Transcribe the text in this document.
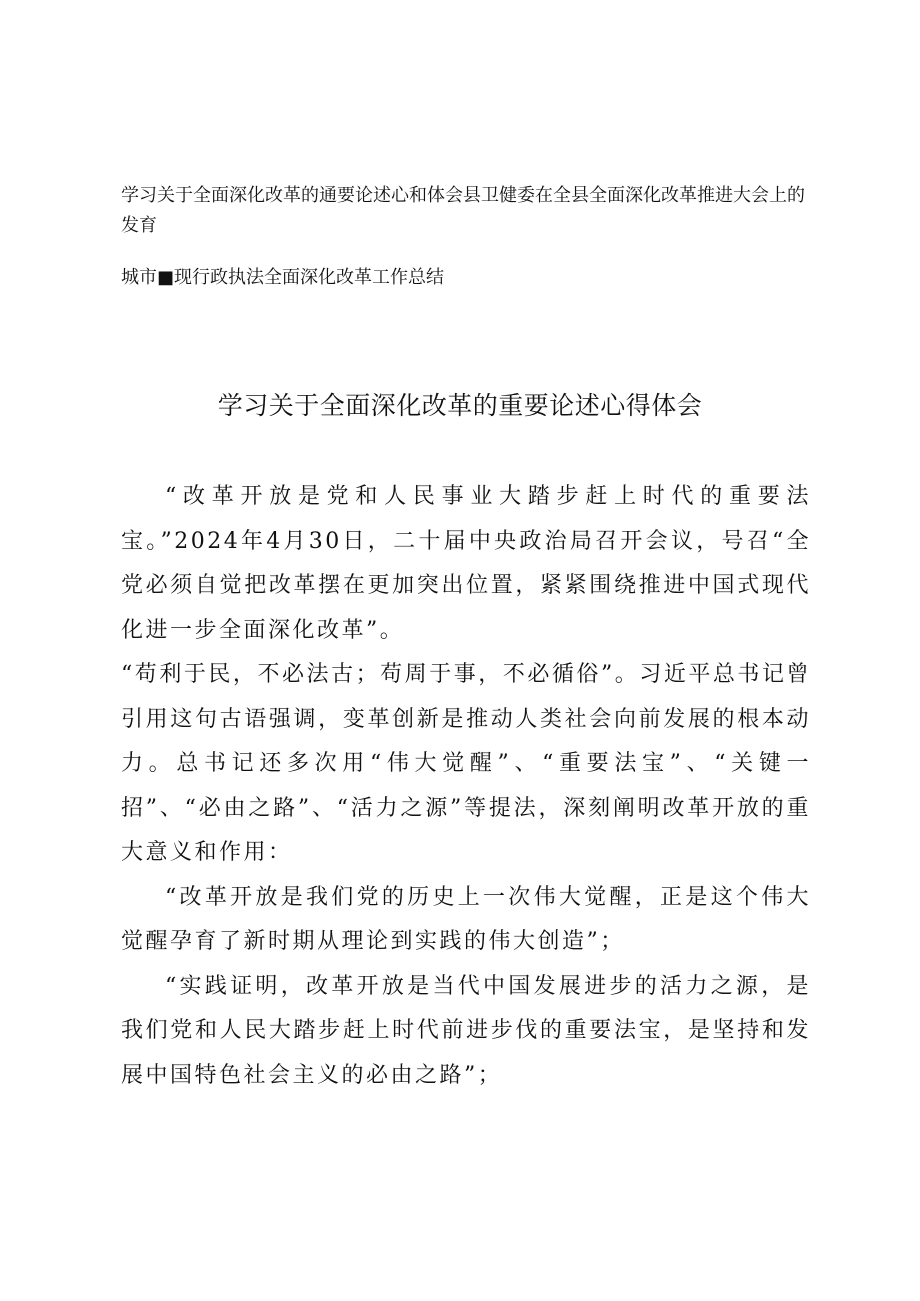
学习关于全面深化改革的通要论述心和体会县卫健委在全县全面深化改革推进大会上的发育

城市■现行政执法全面深化改革工作总结

学习关于全面深化改革的重要论述心得体会

“改革开放是党和人民事业大踏步赶上时代的重要法宝。”2024年4月30日，二十届中央政治局召开会议，号召“全党必须自觉把改革摆在更加突出位置，紧紧围绕推进中国式现代化进一步全面深化改革”。

“苟利于民，不必法古；苟周于事，不必循俗”。习近平总书记曾引用这句古语强调，变革创新是推动人类社会向前发展的根本动力。总书记还多次用“伟大觉醒”、“重要法宝”、“关键一招”、“必由之路”、“活力之源”等提法，深刻阐明改革开放的重大意义和作用：

“改革开放是我们党的历史上一次伟大觉醒，正是这个伟大觉醒孕育了新时期从理论到实践的伟大创造”；

“实践证明，改革开放是当代中国发展进步的活力之源，是我们党和人民大踏步赶上时代前进步伐的重要法宝，是坚持和发展中国特色社会主义的必由之路”；
